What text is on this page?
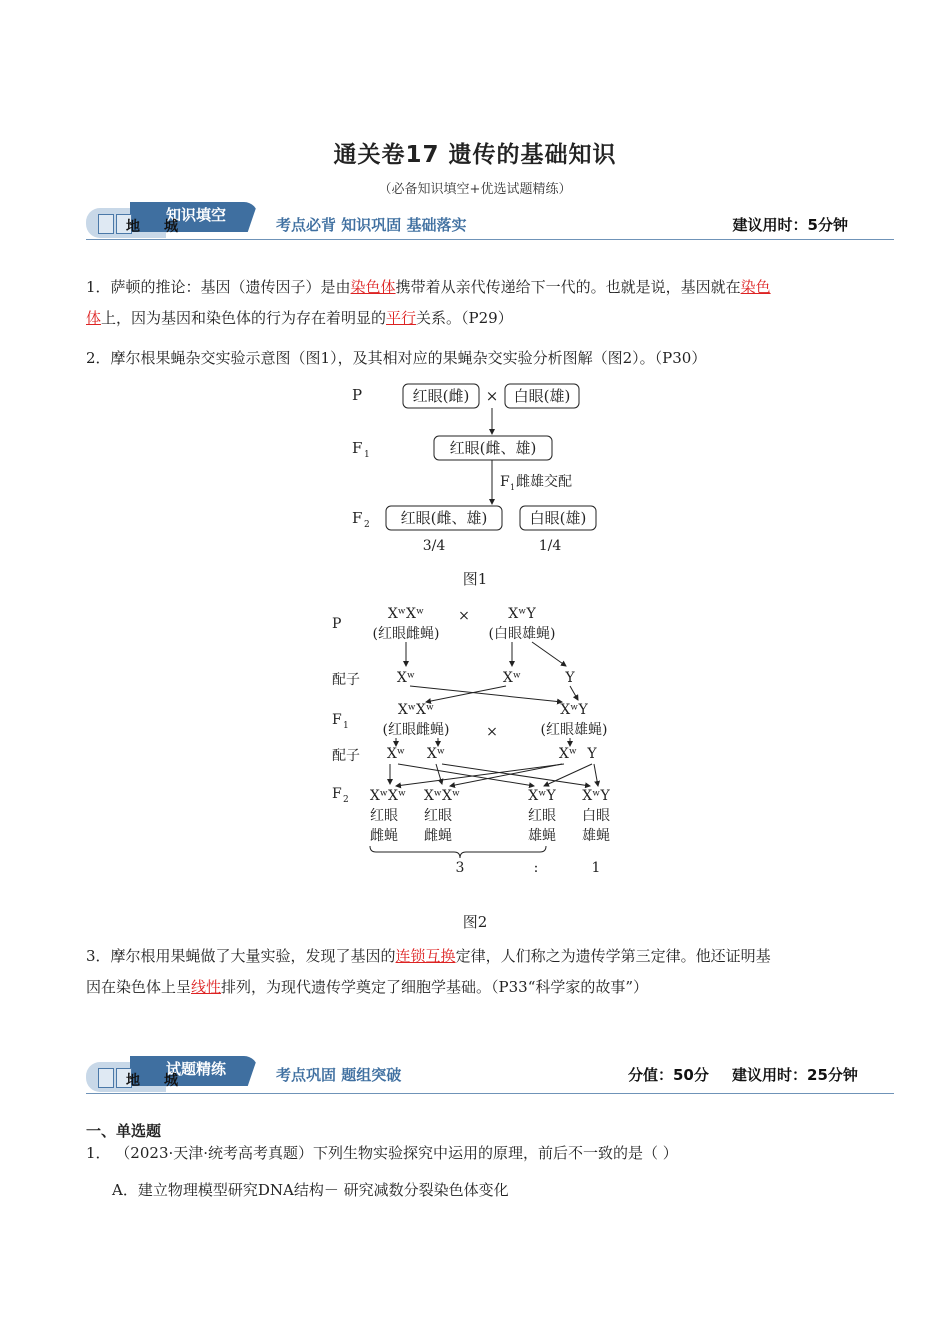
通关卷17 遗传的基础知识
（必备知识填空+优选试题精练）
知识填空
地 城	考点必背 知识巩固 基础落实	建议用时：5分钟
1．萨顿的推论：基因（遗传因子）是由染色体携带着从亲代传递给下一代的。也就是说，基因就在染色
体上，因为基因和染色体的行为存在着明显的平行关系。（P29）
2．摩尔根果蝇杂交实验示意图（图1），及其相对应的果蝇杂交实验分析图解（图2）。（P30）
P	红眼(雌) × 白眼(雄)
F 1	红眼(雌、雄)
F 1 雌雄交配
F 2 红眼(雌、雄)	白眼(雄)
3/4	1/4
图1
P
XʷXʷ
(红眼雌蝇)
×	XʷY
(白眼雄蝇)
配子	Xʷ	Xʷ	Y
F 1
XʷXʷ
(红眼雌蝇)	×
XʷY
(红眼雄蝇)
配子 Xʷ Xʷ	Xʷ Y
F 2 XʷXʷ
红眼
雌蝇
XʷXʷ
红眼
雌蝇
XʷY
红眼
雄蝇
XʷY
白眼
雄蝇
3	:	1
图2
3．摩尔根用果蝇做了大量实验，发现了基因的连锁互换定律，人们称之为遗传学第三定律。他还证明基
因在染色体上呈线性排列，为现代遗传学奠定了细胞学基础。（P33“科学家的故事”）
试题精练
地 城	考点巩固 题组突破	分值：50分 建议用时：25分钟
一、单选题
1． （2023·天津·统考高考真题）下列生物实验探究中运用的原理，前后不一致的是（ ）
A．建立物理模型研究DNA结构－ 研究减数分裂染色体变化
